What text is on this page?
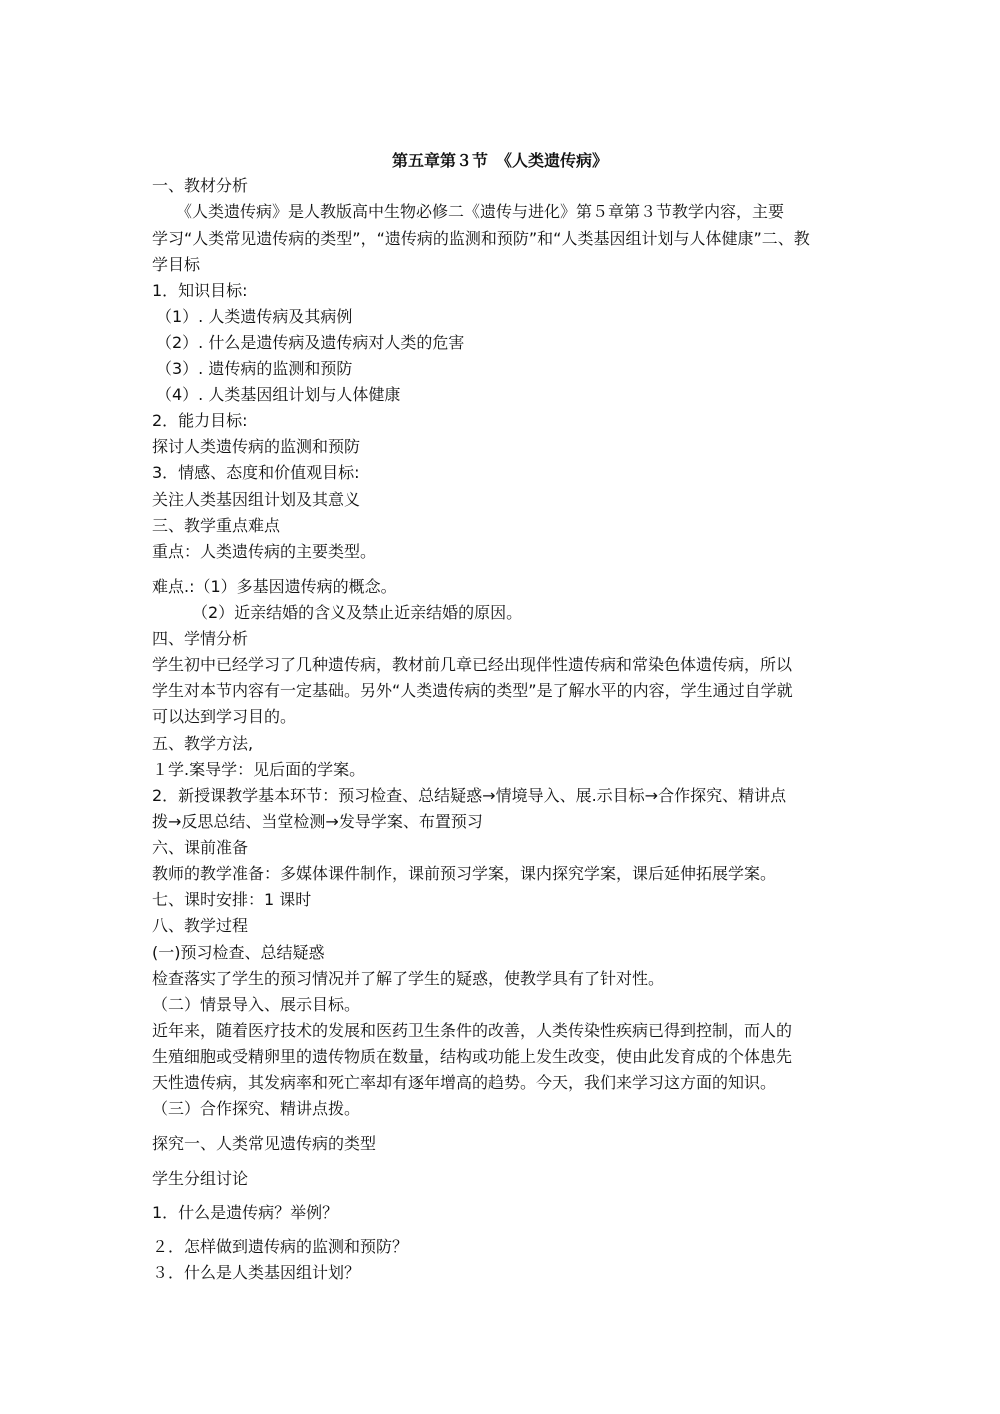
第五章第３节　《人类遗传病》
一、教材分析
　　《人类遗传病》是人教版高中生物必修二《遗传与进化》第５章第３节教学内容，主要
学习“人类常见遗传病的类型”，“遗传病的监测和预防”和“人类基因组计划与人体健康”二、教
学目标
1．知识目标:
（1）. 人类遗传病及其病例
（2）. 什么是遗传病及遗传病对人类的危害
（3）. 遗传病的监测和预防
（4）. 人类基因组计划与人体健康
2．能力目标:
探讨人类遗传病的监测和预防
3．情感、态度和价值观目标:
关注人类基因组计划及其意义
三、教学重点难点
重点：人类遗传病的主要类型。
难点.:（1）多基因遗传病的概念。
　　　（2）近亲结婚的含义及禁止近亲结婚的原因。
四、学情分析
学生初中已经学习了几种遗传病，教材前几章已经出现伴性遗传病和常染色体遗传病，所以
学生对本节内容有一定基础。另外“人类遗传病的类型”是了解水平的内容，学生通过自学就
可以达到学习目的。
五、教学方法,
１学.案导学：见后面的学案。
2．新授课教学基本环节：预习检查、总结疑惑→情境导入、展.示目标→合作探究、精讲点
拨→反思总结、当堂检测→发导学案、布置预习
六、课前准备
教师的教学准备：多媒体课件制作，课前预习学案，课内探究学案，课后延伸拓展学案。
七、课时安排：1 课时
八、教学过程
(一)预习检查、总结疑惑
检查落实了学生的预习情况并了解了学生的疑惑，使教学具有了针对性。
（二）情景导入、展示目标。
近年来，随着医疗技术的发展和医药卫生条件的改善，人类传染性疾病已得到控制，而人的
生殖细胞或受精卵里的遗传物质在数量，结构或功能上发生改变，使由此发育成的个体患先
天性遗传病，其发病率和死亡率却有逐年增高的趋势。今天，我们来学习这方面的知识。
（三）合作探究、精讲点拨。
探究一、人类常见遗传病的类型
学生分组讨论
1．什么是遗传病？举例？
２．怎样做到遗传病的监测和预防？
３．什么是人类基因组计划？
